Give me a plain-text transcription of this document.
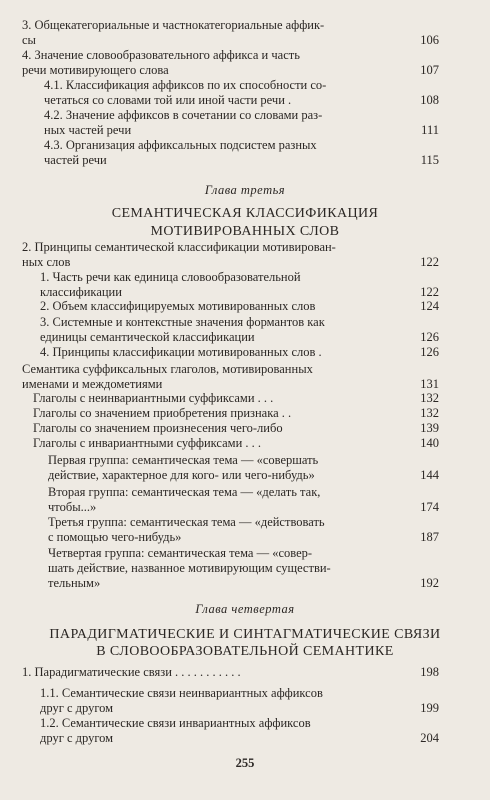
3. Общекатегориальные и частнокатегориальные аффик-
сы	106
4. Значение словообразовательного аффикса и часть
речи мотивирующего слова	107
4.1. Классификация аффиксов по их способности со-
четаться со словами той или иной части речи .	108
4.2. Значение аффиксов в сочетании со словами раз-
ных частей речи	111
4.3. Организация аффиксальных подсистем разных
частей речи	115
Глава третья
СЕМАНТИЧЕСКАЯ КЛАССИФИКАЦИЯ
МОТИВИРОВАННЫХ СЛОВ
2. Принципы семантической классификации мотивирован-
ных слов	122
1. Часть речи как единица словообразовательной
классификации	122
2. Объем классифицируемых мотивированных слов	124
3. Системные и контекстные значения формантов как
единицы семантической классификации	126
4. Принципы классификации мотивированных слов .	126
Семантика суффиксальных глаголов, мотивированных
именами и междометиями	131
Глаголы с неинвариантными суффиксами . . .	132
Глаголы со значением приобретения признака . .	132
Глаголы со значением произнесения чего-либо	139
Глаголы с инвариантными суффиксами . . .	140
Первая группа: семантическая тема — «совершать
действие, характерное для кого- или чего-нибудь»	144
Вторая группа: семантическая тема — «делать так,
чтобы...»	174
Третья группа: семантическая тема — «действовать
с помощью чего-нибудь»	187
Четвертая группа: семантическая тема — «совер-
шать действие, названное мотивирующим существи-
тельным»	192
Глава четвертая
ПАРАДИГМАТИЧЕСКИЕ И СИНТАГМАТИЧЕСКИЕ СВЯЗИ
В СЛОВООБРАЗОВАТЕЛЬНОЙ СЕМАНТИКЕ
1. Парадигматические связи . . . . . . . . . . .	198
1.1. Семантические связи неинвариантных аффиксов
друг с другом	199
1.2. Семантические связи инвариантных аффиксов
друг с другом	204
255
